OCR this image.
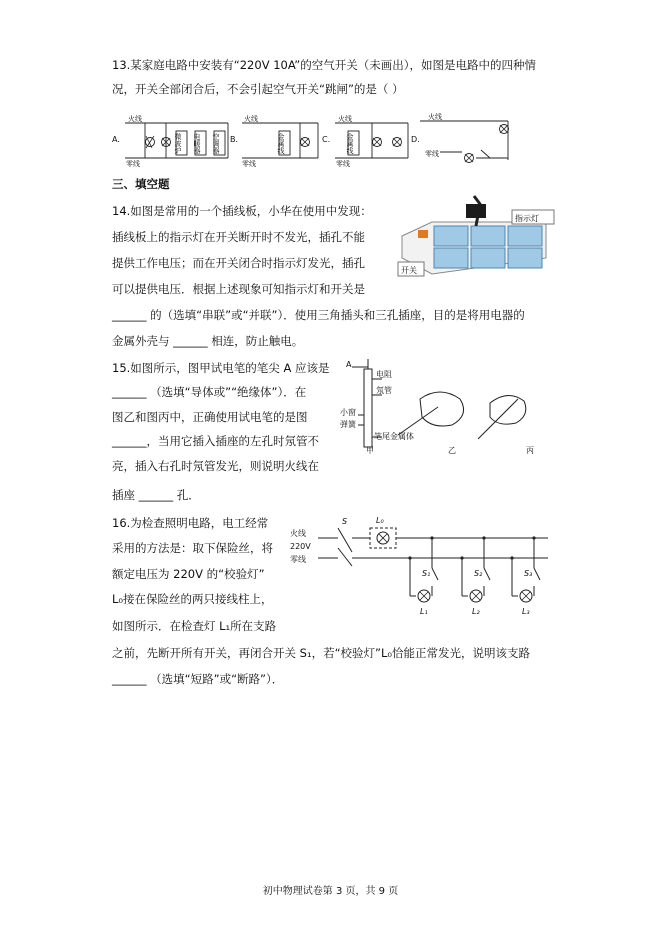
13.某家庭电路中安装有“220V 10A”的空气开关（未画出），如图是电路中的四种情
况，开关全部闭合后，不会引起空气开关“跳闸”的是（ ）
A.	B.	C.	D.
火线
零线
火线
零线
火线
零线
火线
零线
微波炉 电暖器 空调器	金属线	金属线
三、填空题
14.如图是常用的一个插线板，小华在使用中发现：
插线板上的指示灯在开关断开时不发光，插孔不能
提供工作电压；而在开关闭合时指示灯发光，插孔
可以提供电压．根据上述现象可知指示灯和开关是
______ 的（选填“串联”或“并联”）．使用三角插头和三孔插座，目的是将用电器的
金属外壳与 ______ 相连，防止触电。
指示灯
开关
15.如图所示，图甲试电笔的笔尖 A 应该是
______ （选填“导体或”“绝缘体”）．在
图乙和图丙中，正确使用试电笔的是图
______，当用它插入插座的左孔时氖管不
亮，插入右孔时氖管发光，则说明火线在
插座 ______ 孔．
A
电阻
氖管
小窗
弹簧
笔尾金属体
甲	乙	丙
16.为检查照明电路，电工经常
采用的方法是：取下保险丝，将
额定电压为 220V 的“校验灯”
L₀接在保险丝的两只接线柱上，
如图所示．在检查灯 L₁所在支路
之前，先断开所有开关，再闭合开关 S₁，若“校验灯”L₀恰能正常发光，说明该支路
______ （选填“短路”或“断路”）．
火线
220V
零线
S	L₀
S₁	S₂	S₃
L₁	L₂	L₃
初中物理试卷第 3 页，共 9 页
